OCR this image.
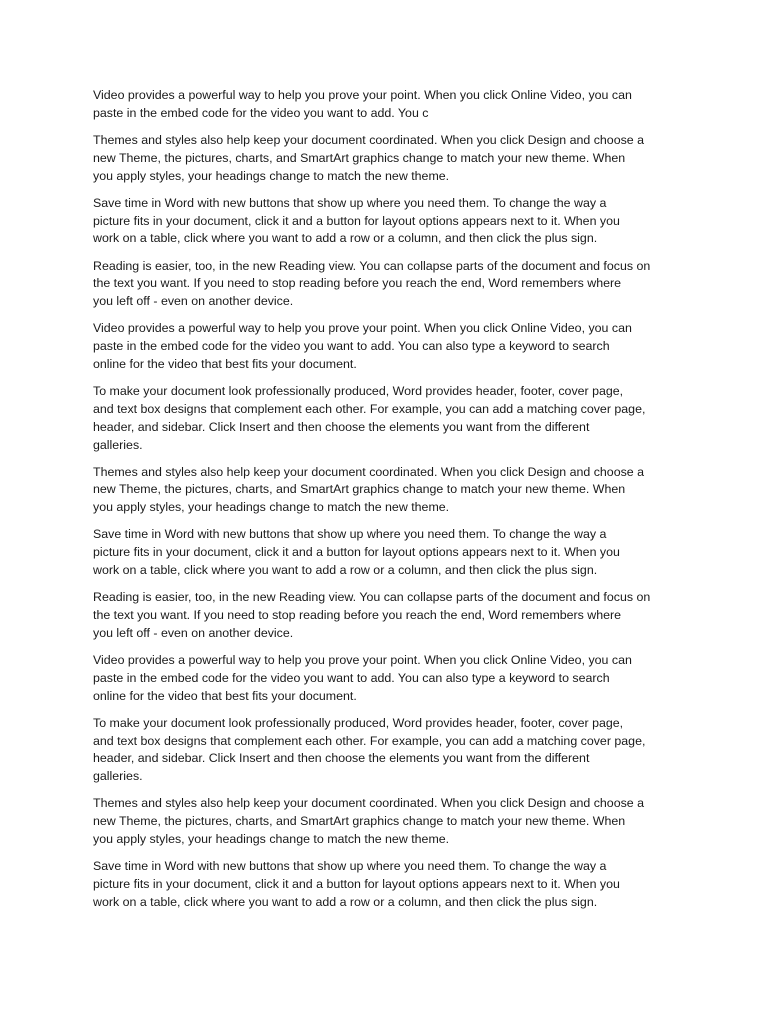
Video provides a powerful way to help you prove your point. When you click Online Video, you can
paste in the embed code for the video you want to add. You c

Themes and styles also help keep your document coordinated. When you click Design and choose a
new Theme, the pictures, charts, and SmartArt graphics change to match your new theme. When
you apply styles, your headings change to match the new theme.

Save time in Word with new buttons that show up where you need them. To change the way a
picture fits in your document, click it and a button for layout options appears next to it. When you
work on a table, click where you want to add a row or a column, and then click the plus sign.

Reading is easier, too, in the new Reading view. You can collapse parts of the document and focus on
the text you want. If you need to stop reading before you reach the end, Word remembers where
you left off - even on another device.

Video provides a powerful way to help you prove your point. When you click Online Video, you can
paste in the embed code for the video you want to add. You can also type a keyword to search
online for the video that best fits your document.

To make your document look professionally produced, Word provides header, footer, cover page,
and text box designs that complement each other. For example, you can add a matching cover page,
header, and sidebar. Click Insert and then choose the elements you want from the different
galleries.

Themes and styles also help keep your document coordinated. When you click Design and choose a
new Theme, the pictures, charts, and SmartArt graphics change to match your new theme. When
you apply styles, your headings change to match the new theme.

Save time in Word with new buttons that show up where you need them. To change the way a
picture fits in your document, click it and a button for layout options appears next to it. When you
work on a table, click where you want to add a row or a column, and then click the plus sign.

Reading is easier, too, in the new Reading view. You can collapse parts of the document and focus on
the text you want. If you need to stop reading before you reach the end, Word remembers where
you left off - even on another device.

Video provides a powerful way to help you prove your point. When you click Online Video, you can
paste in the embed code for the video you want to add. You can also type a keyword to search
online for the video that best fits your document.

To make your document look professionally produced, Word provides header, footer, cover page,
and text box designs that complement each other. For example, you can add a matching cover page,
header, and sidebar. Click Insert and then choose the elements you want from the different
galleries.

Themes and styles also help keep your document coordinated. When you click Design and choose a
new Theme, the pictures, charts, and SmartArt graphics change to match your new theme. When
you apply styles, your headings change to match the new theme.

Save time in Word with new buttons that show up where you need them. To change the way a
picture fits in your document, click it and a button for layout options appears next to it. When you
work on a table, click where you want to add a row or a column, and then click the plus sign.
